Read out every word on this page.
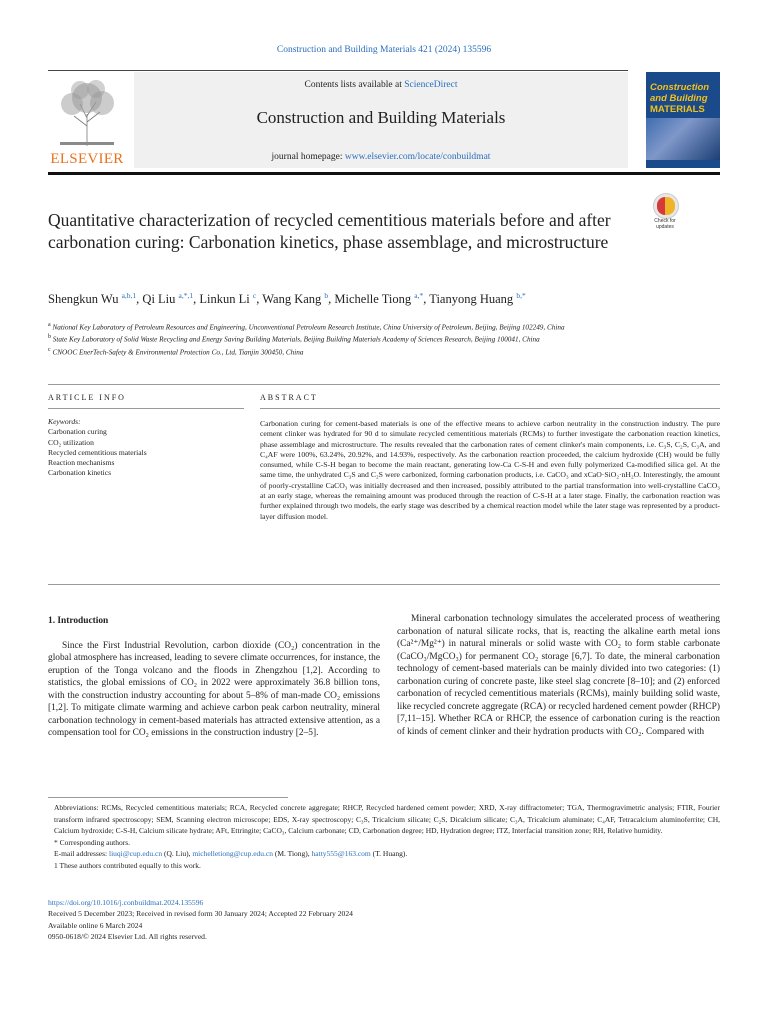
Construction and Building Materials 421 (2024) 135596
ELSEVIER
Contents lists available at ScienceDirect
Construction and Building Materials
journal homepage: www.elsevier.com/locate/conbuildmat
Construction
and Building
MATERIALS
Quantitative characterization of recycled cementitious materials before and after carbonation curing: Carbonation kinetics, phase assemblage, and microstructure
Check for updates
Shengkun Wu $^{a,b,1}$, Qi Liu $^{a,*,1}$, Linkun Li $^c$, Wang Kang $^b$, Michelle Tiong $^{a,*}$, Tianyong Huang $^{b,*}$
$^a$ National Key Laboratory of Petroleum Resources and Engineering, Unconventional Petroleum Research Institute, China University of Petroleum, Beijing, Beijing 102249, China
$^b$ State Key Laboratory of Solid Waste Recycling and Energy Saving Building Materials, Beijing Building Materials Academy of Sciences Research, Beijing 100041, China
$^c$ CNOOC EnerTech-Safety & Environmental Protection Co., Ltd, Tianjin 300450, China
ARTICLE INFO	ABSTRACT
Keywords:
Carbonation curing
CO₂ utilization
Recycled cementitious materials
Reaction mechanisms
Carbonation kinetics
Carbonation curing for cement-based materials is one of the effective means to achieve carbon neutrality in the construction industry. The pure cement clinker was hydrated for 90 d to simulate recycled cementitious materials (RCMs) to further investigate the carbonation reaction kinetics, phase assemblage and microstructure. The results revealed that the carbonation rates of cement clinker's main components, i.e. C₃S, C₂S, C₃A, and C₄AF were 100%, 63.24%, 20.92%, and 14.93%, respectively. As the carbonation reaction proceeded, the calcium hydroxide (CH) would be fully consumed, while C-S-H began to become the main reactant, generating low-Ca C-S-H and even fully polymerized Ca-modified silica gel. At the same time, the unhydrated C₃S and C₂S were carbonized, forming carbonation products, i.e. CaCO₃ and xCaO·SiO₂·nH₂O. Interestingly, the amount of poorly-crystalline CaCO₃ was initially decreased and then increased, possibly attributed to the partial transformation into well-crystalline CaCO₃ at an early stage, whereas the remaining amount was produced through the reaction of C-S-H at a later stage. Finally, the carbonation reaction was further explained through two models, the early stage was described by a chemical reaction model while the later stage was represented by a product-layer diffusion model.
1. Introduction

Since the First Industrial Revolution, carbon dioxide (CO₂) concentration in the global atmosphere has increased, leading to severe climate occurrences, for instance, the eruption of the Tonga volcano and the floods in Zhengzhou [1,2]. According to statistics, the global emissions of CO₂ in 2022 were approximately 36.8 billion tons, with the construction industry accounting for about 5–8% of man-made CO₂ emissions [1,2]. To mitigate climate warming and achieve carbon peak carbon neutrality, mineral carbonation technology in cement-based materials has attracted extensive attention, as a compensation tool for CO₂ emissions in the construction industry [2–5].

Mineral carbonation technology simulates the accelerated process of weathering carbonation of natural silicate rocks, that is, reacting the alkaline earth metal ions (Ca²⁺/Mg²⁺) in natural minerals or solid waste with CO₂ to form stable carbonate (CaCO₃/MgCO₃) for permanent CO₂ storage [6,7]. To date, the mineral carbonation technology of cement-based materials can be mainly divided into two categories: (1) carbonation curing of concrete paste, like steel slag concrete [8–10]; and (2) enforced carbonation of recycled cementitious materials (RCMs), mainly building solid waste, like recycled concrete aggregate (RCA) or recycled hardened cement powder (RHCP) [7,11–15]. Whether RCA or RHCP, the essence of carbonation curing is the reaction of kinds of cement clinker and their hydration products with CO₂. Compared with

Abbreviations: RCMs, Recycled cementitious materials; RCA, Recycled concrete aggregate; RHCP, Recycled hardened cement powder; XRD, X-ray diffractometer; TGA, Thermogravimetric analysis; FTIR, Fourier transform infrared spectroscopy; SEM, Scanning electron microscope; EDS, X-ray spectroscopy; C₃S, Tricalcium silicate; C₂S, Dicalcium silicate; C₃A, Tricalcium aluminate; C₄AF, Tetracalcium aluminoferrite; CH, Calcium hydroxide; C-S-H, Calcium silicate hydrate; AFt, Ettringite; CaCO₃, Calcium carbonate; CD, Carbonation degree; HD, Hydration degree; ITZ, Interfacial transition zone; RH, Relative humidity.

* Corresponding authors.

E-mail addresses: liuqi@cup.edu.cn (Q. Liu), michelletiong@cup.edu.cn (M. Tiong), hatty555@163.com (T. Huang).

1 These authors contributed equally to this work.

https://doi.org/10.1016/j.conbuildmat.2024.135596

Received 5 December 2023; Received in revised form 30 January 2024; Accepted 22 February 2024

Available online 6 March 2024

0950-0618/© 2024 Elsevier Ltd. All rights reserved.
